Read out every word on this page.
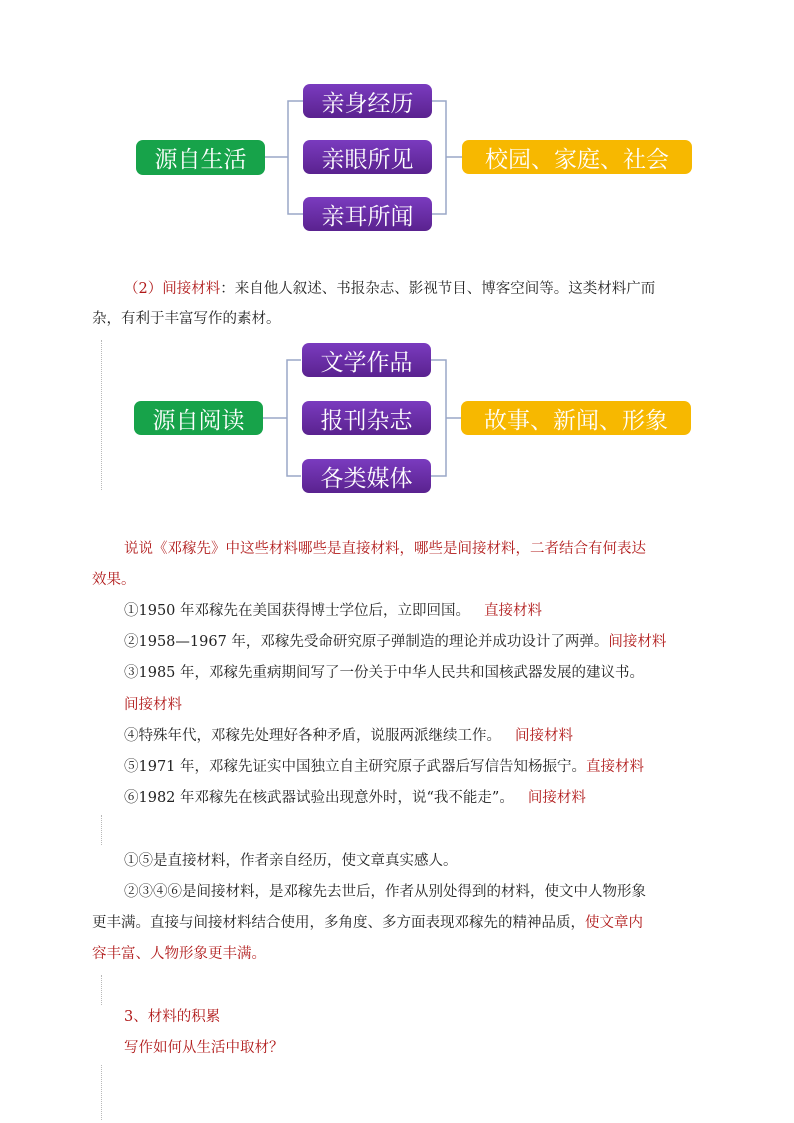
源自生活
亲身经历
亲眼所见
亲耳所闻
校园、家庭、社会
（2）间接材料：来自他人叙述、书报杂志、影视节目、博客空间等。这类材料广而
杂，有利于丰富写作的素材。
源自阅读
文学作品
报刊杂志
各类媒体
故事、新闻、形象
说说《邓稼先》中这些材料哪些是直接材料，哪些是间接材料，二者结合有何表达
效果。
①1950 年邓稼先在美国获得博士学位后，立即回国。 直接材料
②1958—1967 年，邓稼先受命研究原子弹制造的理论并成功设计了两弹。间接材料
③1985 年，邓稼先重病期间写了一份关于中华人民共和国核武器发展的建议书。
间接材料
④特殊年代，邓稼先处理好各种矛盾，说服两派继续工作。 间接材料
⑤1971 年，邓稼先证实中国独立自主研究原子武器后写信告知杨振宁。直接材料
⑥1982 年邓稼先在核武器试验出现意外时，说“我不能走”。 间接材料
①⑤是直接材料，作者亲自经历，使文章真实感人。
②③④⑥是间接材料，是邓稼先去世后，作者从别处得到的材料，使文中人物形象
更丰满。直接与间接材料结合使用，多角度、多方面表现邓稼先的精神品质，使文章内
容丰富、人物形象更丰满。
3、材料的积累
写作如何从生活中取材？
